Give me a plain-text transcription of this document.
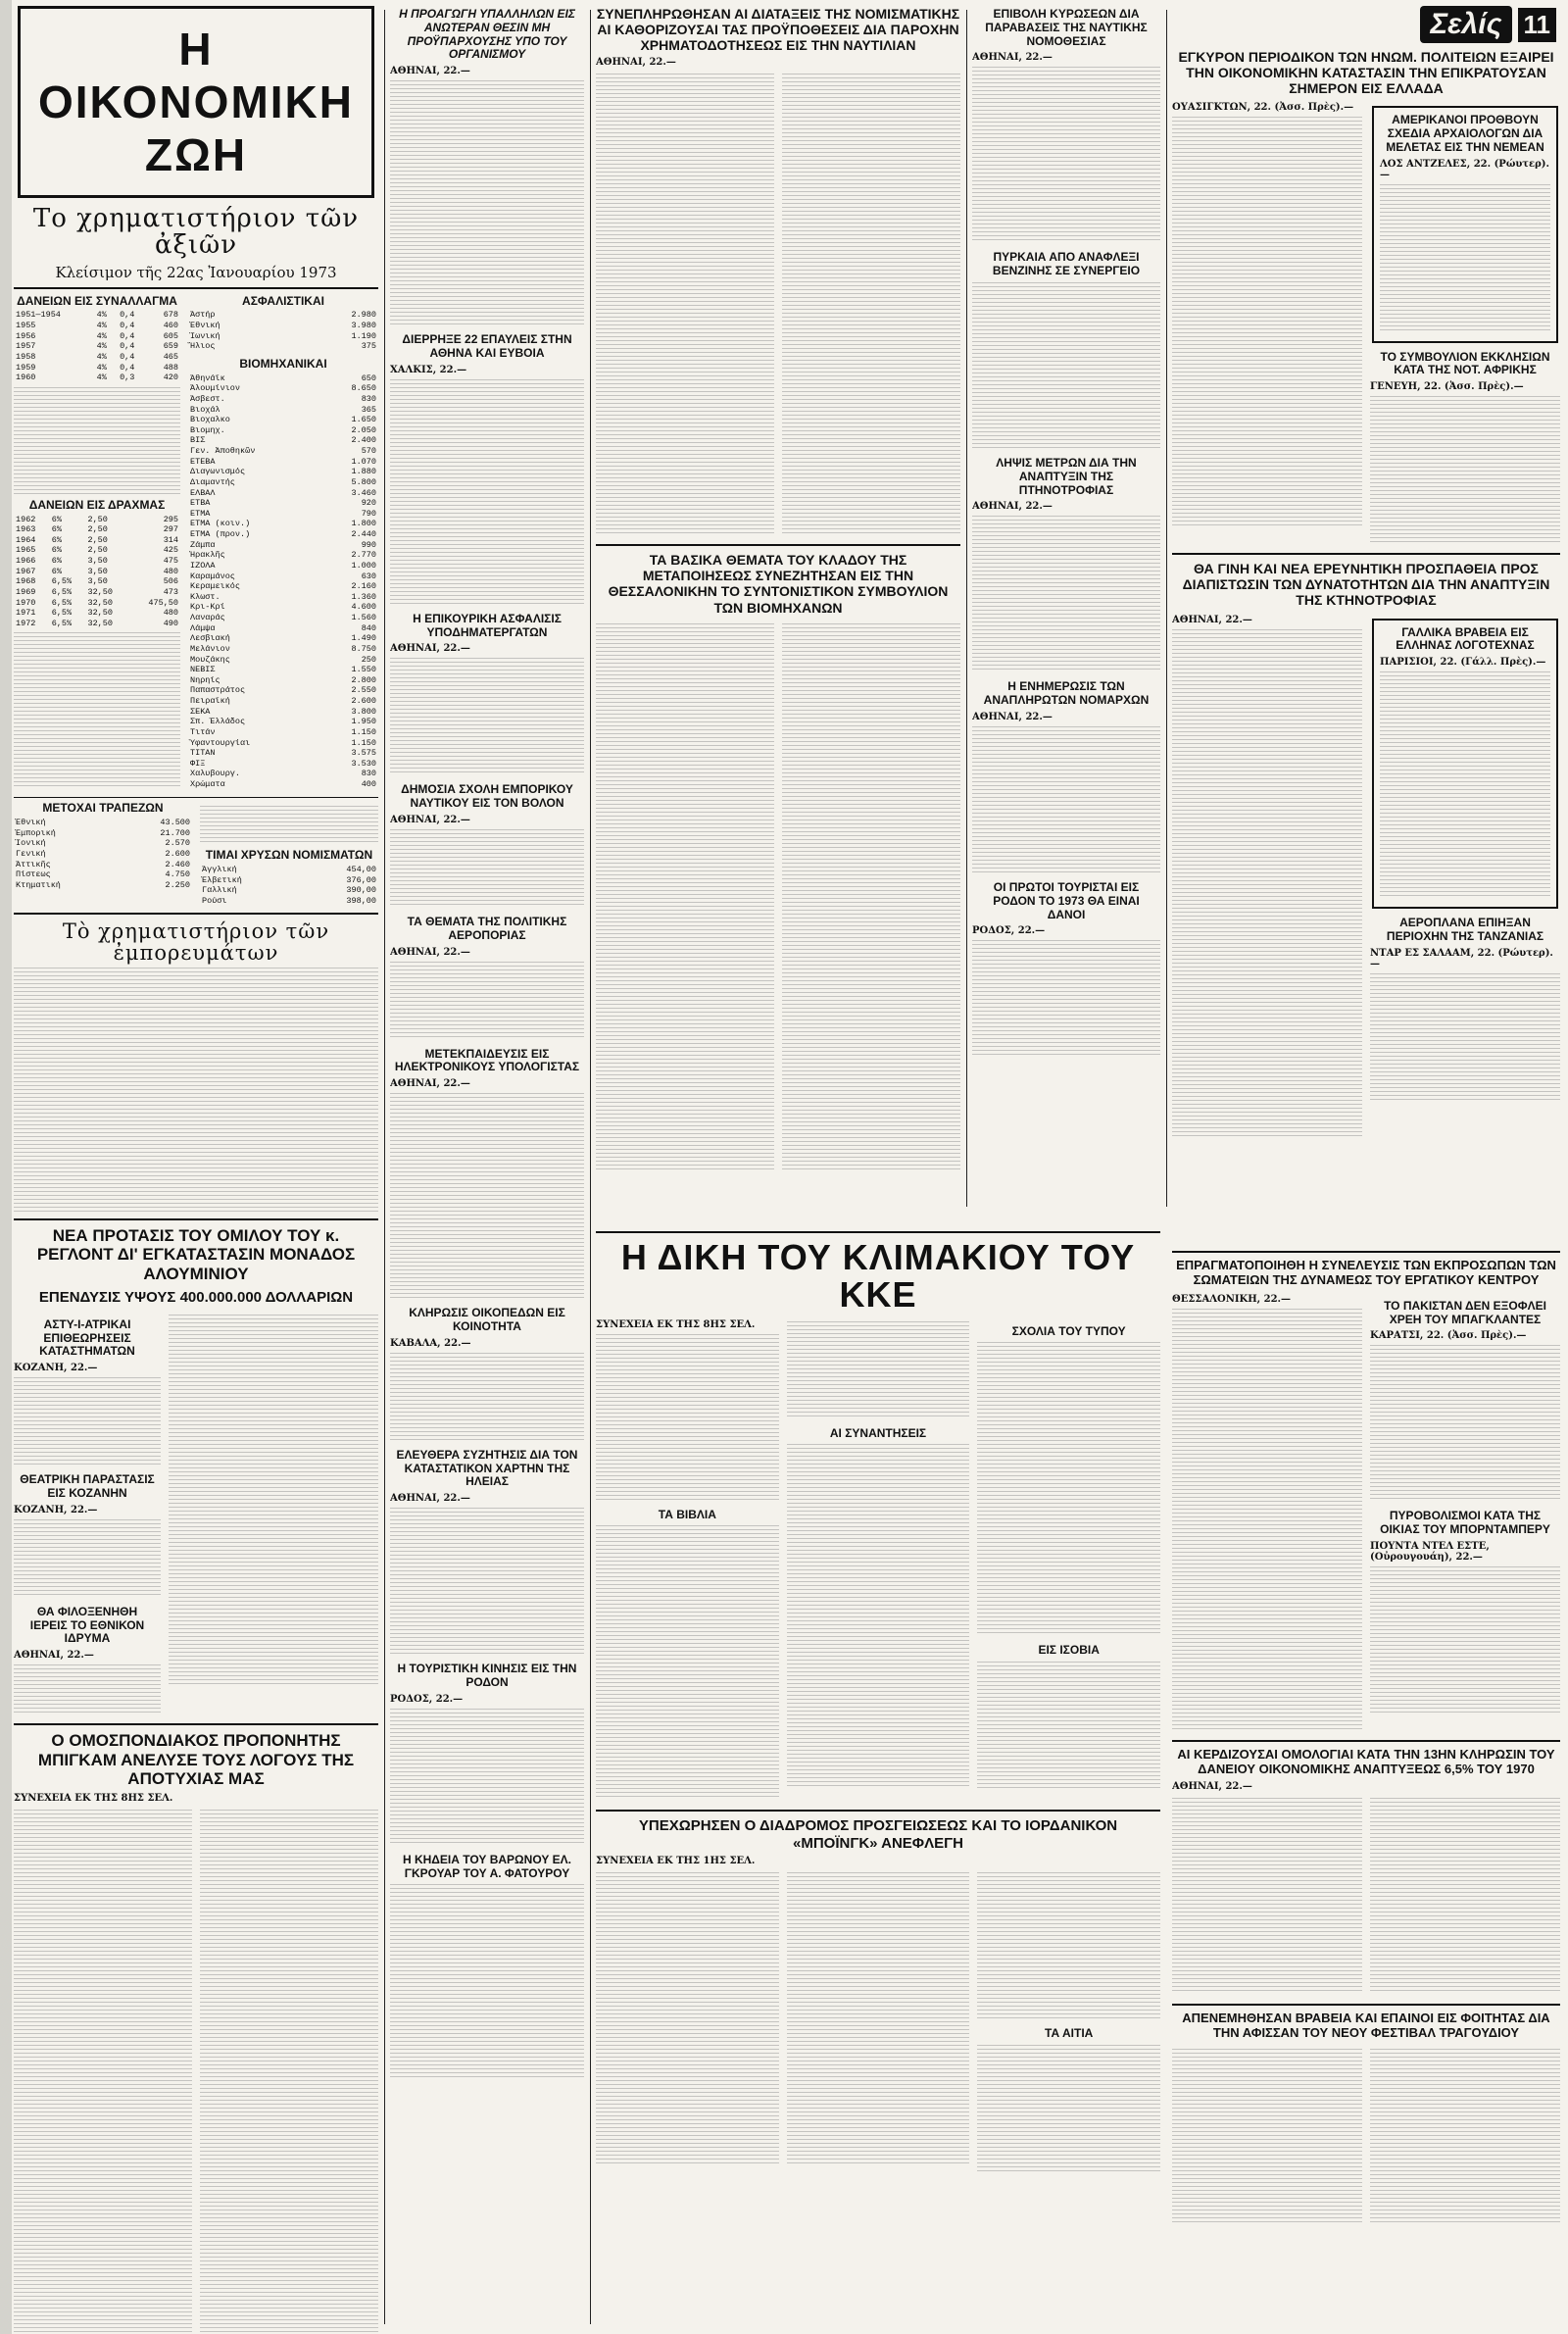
Η ΟΙΚΟΝΟΜΙΚΗ ΖΩΗ
Το χρηματιστήριον τῶν ἀξιῶν
Κλείσιμον τῆς 22ας Ἰανουαρίου 1973
ΔΑΝΕΙΩΝ ΕΙΣ ΣΥΝΑΛΛΑΓΜΑ
1951—1954	4%	0,4	678
1955	4%	0,4	460
1956	4%	0,4	605
1957	4%	0,4	659
1958	4%	0,4	465
1959	4%	0,4	488
1960	4%	0,3	420
ΔΑΝΕΙΩΝ ΕΙΣ ΔΡΑΧΜΑΣ
1962	6%	2,50	295
1963	6%	2,50	297
1964	6%	2,50	314
1965	6%	2,50	425
1966	6%	3,50	475
1967	6%	3,50	480
1968	6,5%	3,50	506
1969	6,5%	32,50	473
1970	6,5%	32,50	475,50
1971	6,5%	32,50	480
1972	6,5%	32,50	490
ΑΣΦΑΛΙΣΤΙΚΑΙ
Ἀστήρ	2.980
Ἐθνική	3.980
Ἰωνική	1.190
Ἥλιος	375
ΒΙΟΜΗΧΑΝΙΚΑΙ
Ἀθηνάϊκ	650
Ἀλουμίνιον	8.650
Ἀσβεστ.	830
Βιοχάλ	365
Βιοχαλκο	1.650
Βιομηχ.	2.050
ΒΙΣ	2.400
Γεν. Ἀποθηκῶν	570
ΕΤΕΒΑ	1.070
Διαγωνισμός	1.880
Διαμαντής	5.800
ΕΛΒΑΛ	3.460
ΕΤΒΑ	920
ΕΤΜΑ	790
ΕΤΜΑ (κοιν.)	1.800
ΕΤΜΑ (προν.)	2.440
Ζάμπα	990
Ἠρακλῆς	2.770
ΙΖΟΛΑ	1.000
Καραμάνος	630
Κεραμεικός	2.160
Κλωστ.	1.360
Κρι-Κρί	4.600
Λαναράς	1.560
Λάμψα	840
Λεσβιακή	1.490
Μελάνιον	8.750
Μουζάκης	250
ΝΕΒΙΣ	1.550
Νηρηίς	2.800
Παπαστράτος	2.550
Πειραϊκή	2.600
ΣΕΚΑ	3.800
Σπ. Ἐλλάδος	1.950
Τιτάν	1.150
Ὑφαντουργίαι	1.150
ΤΙΤΑΝ	3.575
ΦΙΞ	3.530
Χαλυβουργ.	830
Χρώματα	400
ΜΕΤΟΧΑΙ ΤΡΑΠΕΖΩΝ
Ἐθνική	43.500
Ἐμπορική	21.700
Ἰονική	2.570
Γενική	2.600
Ἀττικῆς	2.460
Πίστεως	4.750
Κτηματική	2.250
ΤΙΜΑΙ ΧΡΥΣΩΝ ΝΟΜΙΣΜΑΤΩΝ
Ἀγγλική	454,00
Ἐλβετική	376,00
Γαλλική	390,00
Ρούσι	398,00
Τὸ χρηματιστήριον τῶν ἐμπορευμάτων
ΝΕΑ ΠΡΟΤΑΣΙΣ ΤΟΥ ΟΜΙΛΟΥ ΤΟΥ κ. ΡΕΓΛΟΝΤ ΔΙ' ΕΓΚΑΤΑΣΤΑΣΙΝ ΜΟΝΑΔΟΣ ΑΛΟΥΜΙΝΙΟΥ
ΕΠΕΝΔΥΣΙΣ ΥΨΟΥΣ 400.000.000 ΔΟΛΛΑΡΙΩΝ
ΑΣΤΥ-Ι-ΑΤΡΙΚΑΙ ΕΠΙΘΕΩΡΗΣΕΙΣ ΚΑΤΑΣΤΗΜΑΤΩΝ
ΚΟΖΑΝΗ, 22.—
ΘΕΑΤΡΙΚΗ ΠΑΡΑΣΤΑΣΙΣ ΕΙΣ ΚΟΖΑΝΗΝ
ΚΟΖΑΝΗ, 22.—
ΘΑ ΦΙΛΟΞΕΝΗΘΗ ΙΕΡΕΙΣ ΤΟ ΕΘΝΙΚΟΝ ΙΔΡΥΜΑ
ΑΘΗΝΑΙ, 22.—
Ο ΟΜΟΣΠΟΝΔΙΑΚΟΣ ΠΡΟΠΟΝΗΤΗΣ ΜΠΙΓΚΑΜ ΑΝΕΛΥΣΕ ΤΟΥΣ ΛΟΓΟΥΣ ΤΗΣ ΑΠΟΤΥΧΙΑΣ ΜΑΣ
ΣΥΝΕΧΕΙΑ ΕΚ ΤΗΣ 8ΗΣ ΣΕΛ.
Η ΠΡΟΑΓΩΓΗ ΥΠΑΛΛΗΛΩΝ ΕΙΣ ΑΝΩΤΕΡΑΝ ΘΕΣΙΝ ΜΗ ΠΡΟΫΠΑΡΧΟΥΣΗΣ ΥΠΟ ΤΟΥ ΟΡΓΑΝΙΣΜΟΥ
ΑΘΗΝΑΙ, 22.—
ΔΙΕΡΡΗΞΕ 22 ΕΠΑΥΛΕΙΣ ΣΤΗΝ ΑΘΗΝΑ ΚΑΙ ΕΥΒΟΙΑ
ΧΑΛΚΙΣ, 22.—
Η ΕΠΙΚΟΥΡΙΚΗ ΑΣΦΑΛΙΣΙΣ ΥΠΟΔΗΜΑΤΕΡΓΑΤΩΝ
ΑΘΗΝΑΙ, 22.—
ΔΗΜΟΣΙΑ ΣΧΟΛΗ ΕΜΠΟΡΙΚΟΥ ΝΑΥΤΙΚΟΥ ΕΙΣ ΤΟΝ ΒΟΛΟΝ
ΑΘΗΝΑΙ, 22.—
ΤΑ ΘΕΜΑΤΑ ΤΗΣ ΠΟΛΙΤΙΚΗΣ ΑΕΡΟΠΟΡΙΑΣ
ΑΘΗΝΑΙ, 22.—
ΜΕΤΕΚΠΑΙΔΕΥΣΙΣ ΕΙΣ ΗΛΕΚΤΡΟΝΙΚΟΥΣ ΥΠΟΛΟΓΙΣΤΑΣ
ΑΘΗΝΑΙ, 22.—
ΚΛΗΡΩΣΙΣ ΟΙΚΟΠΕΔΩΝ ΕΙΣ ΚΟΙΝΟΤΗΤΑ
ΚΑΒΑΛΑ, 22.—
ΕΛΕΥΘΕΡΑ ΣΥΖΗΤΗΣΙΣ ΔΙΑ ΤΟΝ ΚΑΤΑΣΤΑΤΙΚΟΝ ΧΑΡΤΗΝ ΤΗΣ ΗΛΕΙΑΣ
ΑΘΗΝΑΙ, 22.—
Η ΤΟΥΡΙΣΤΙΚΗ ΚΙΝΗΣΙΣ ΕΙΣ ΤΗΝ ΡΟΔΟΝ
ΡΟΔΟΣ, 22.—
Η ΚΗΔΕΙΑ ΤΟΥ ΒΑΡΩΝΟΥ ΕΛ. ΓΚΡΟΥΑΡ ΤΟΥ Α. ΦΑΤΟΥΡΟΥ
ΣΥΝΕΠΛΗΡΩΘΗΣΑΝ ΑΙ ΔΙΑΤΑΞΕΙΣ ΤΗΣ ΝΟΜΙΣΜΑΤΙΚΗΣ ΑΙ ΚΑΘΟΡΙΖΟΥΣΑΙ ΤΑΣ ΠΡΟΫΠΟΘΕΣΕΙΣ ΔΙΑ ΠΑΡΟΧΗΝ ΧΡΗΜΑΤΟΔΟΤΗΣΕΩΣ ΕΙΣ ΤΗΝ ΝΑΥΤΙΛΙΑΝ
ΑΘΗΝΑΙ, 22.—
ΤΑ ΒΑΣΙΚΑ ΘΕΜΑΤΑ ΤΟΥ ΚΛΑΔΟΥ ΤΗΣ ΜΕΤΑΠΟΙΗΣΕΩΣ ΣΥΝΕΖΗΤΗΣΑΝ ΕΙΣ ΤΗΝ ΘΕΣΣΑΛΟΝΙΚΗΝ ΤΟ ΣΥΝΤΟΝΙΣΤΙΚΟΝ ΣΥΜΒΟΥΛΙΟΝ ΤΩΝ ΒΙΟΜΗΧΑΝΩΝ
ΕΠΙΒΟΛΗ ΚΥΡΩΣΕΩΝ ΔΙΑ ΠΑΡΑΒΑΣΕΙΣ ΤΗΣ ΝΑΥΤΙΚΗΣ ΝΟΜΟΘΕΣΙΑΣ
ΑΘΗΝΑΙ, 22.—
ΠΥΡΚΑΙΑ ΑΠΟ ΑΝΑΦΛΕΞΙ ΒΕΝΖΙΝΗΣ ΣΕ ΣΥΝΕΡΓΕΙΟ
ΛΗΨΙΣ ΜΕΤΡΩΝ ΔΙΑ ΤΗΝ ΑΝΑΠΤΥΞΙΝ ΤΗΣ ΠΤΗΝΟΤΡΟΦΙΑΣ
ΑΘΗΝΑΙ, 22.—
Η ΕΝΗΜΕΡΩΣΙΣ ΤΩΝ ΑΝΑΠΛΗΡΩΤΩΝ ΝΟΜΑΡΧΩΝ
ΑΘΗΝΑΙ, 22.—
ΟΙ ΠΡΩΤΟΙ ΤΟΥΡΙΣΤΑΙ ΕΙΣ ΡΟΔΟΝ ΤΟ 1973 ΘΑ ΕΙΝΑΙ ΔΑΝΟΙ
ΡΟΔΟΣ, 22.—
Η ΔΙΚΗ ΤΟΥ ΚΛΙΜΑΚΙΟΥ ΤΟΥ ΚΚΕ
ΣΥΝΕΧΕΙΑ ΕΚ ΤΗΣ 8ΗΣ ΣΕΛ.
ΤΑ ΒΙΒΛΙΑ
ΑΙ ΣΥΝΑΝΤΗΣΕΙΣ
ΣΧΟΛΙΑ ΤΟΥ ΤΥΠΟΥ
ΕΙΣ ΙΣΟΒΙΑ
ΥΠΕΧΩΡΗΣΕΝ Ο ΔΙΑΔΡΟΜΟΣ ΠΡΟΣΓΕΙΩΣΕΩΣ ΚΑΙ ΤΟ ΙΟΡΔΑΝΙΚΟΝ «ΜΠΟΪΝΓΚ» ΑΝΕΦΛΕΓΗ
ΣΥΝΕΧΕΙΑ ΕΚ ΤΗΣ 1ΗΣ ΣΕΛ.
ΤΑ ΑΙΤΙΑ
Σελίς 11
ΕΓΚΥΡΟΝ ΠΕΡΙΟΔΙΚΟΝ ΤΩΝ ΗΝΩΜ. ΠΟΛΙΤΕΙΩΝ ΕΞΑΙΡΕΙ ΤΗΝ ΟΙΚΟΝΟΜΙΚΗΝ ΚΑΤΑΣΤΑΣΙΝ ΤΗΝ ΕΠΙΚΡΑΤΟΥΣΑΝ ΣΗΜΕΡΟΝ ΕΙΣ ΕΛΛΑΔΑ
ΟΥΑΣΙΓΚΤΩΝ, 22. (Ἀσσ. Πρὲς).—
ΑΜΕΡΙΚΑΝΟΙ ΠΡΟΘΒΟΥΝ ΣΧΕΔΙΑ ΑΡΧΑΙΟΛΟΓΩΝ ΔΙΑ ΜΕΛΕΤΑΣ ΕΙΣ ΤΗΝ ΝΕΜΕΑΝ
ΛΟΣ ΑΝΤΖΕΛΕΣ, 22. (Ρώυτερ).—
ΤΟ ΣΥΜΒΟΥΛΙΟΝ ΕΚΚΛΗΣΙΩΝ ΚΑΤΑ ΤΗΣ ΝΟΤ. ΑΦΡΙΚΗΣ
ΓΕΝΕΥΗ, 22. (Ἀσσ. Πρὲς).—
ΘΑ ΓΙΝΗ ΚΑΙ ΝΕΑ ΕΡΕΥΝΗΤΙΚΗ ΠΡΟΣΠΑΘΕΙΑ ΠΡΟΣ ΔΙΑΠΙΣΤΩΣΙΝ ΤΩΝ ΔΥΝΑΤΟΤΗΤΩΝ ΔΙΑ ΤΗΝ ΑΝΑΠΤΥΞΙΝ ΤΗΣ ΚΤΗΝΟΤΡΟΦΙΑΣ
ΑΘΗΝΑΙ, 22.—
ΓΑΛΛΙΚΑ ΒΡΑΒΕΙΑ ΕΙΣ ΕΛΛΗΝΑΣ ΛΟΓΟΤΕΧΝΑΣ
ΠΑΡΙΣΙΟΙ, 22. (Γάλλ. Πρὲς).—
ΑΕΡΟΠΛΑΝΑ ΕΠΙΗΞΑΝ ΠΕΡΙΟΧΗΝ ΤΗΣ ΤΑΝΖΑΝΙΑΣ
ΝΤΑΡ ΕΣ ΣΑΛΑΑΜ, 22. (Ρώυτερ).—
ΕΠΡΑΓΜΑΤΟΠΟΙΗΘΗ Η ΣΥΝΕΛΕΥΣΙΣ ΤΩΝ ΕΚΠΡΟΣΩΠΩΝ ΤΩΝ ΣΩΜΑΤΕΙΩΝ ΤΗΣ ΔΥΝΑΜΕΩΣ ΤΟΥ ΕΡΓΑΤΙΚΟΥ ΚΕΝΤΡΟΥ
ΘΕΣΣΑΛΟΝΙΚΗ, 22.—	ΤΟ ΠΑΚΙΣΤΑΝ ΔΕΝ ΕΞΟΦΛΕΙ ΧΡΕΗ ΤΟΥ ΜΠΑΓΚΛΑΝΤΕΣ
ΚΑΡΑΤΣΙ, 22. (Ἀσσ. Πρὲς).—
ΠΥΡΟΒΟΛΙΣΜΟΙ ΚΑΤΑ ΤΗΣ ΟΙΚΙΑΣ ΤΟΥ ΜΠΟΡΝΤΑΜΠΕΡΥ
ΠΟΥΝΤΑ ΝΤΕΛ ΕΣΤΕ, (Οὐρουγουάη), 22.—
ΑΙ ΚΕΡΔΙΖΟΥΣΑΙ ΟΜΟΛΟΓΙΑΙ ΚΑΤΑ ΤΗΝ 13ΗΝ ΚΛΗΡΩΣΙΝ ΤΟΥ ΔΑΝΕΙΟΥ ΟΙΚΟΝΟΜΙΚΗΣ ΑΝΑΠΤΥΞΕΩΣ 6,5% ΤΟΥ 1970
ΑΘΗΝΑΙ, 22.—
ΑΠΕΝΕΜΗΘΗΣΑΝ ΒΡΑΒΕΙΑ ΚΑΙ ΕΠΑΙΝΟΙ ΕΙΣ ΦΟΙΤΗΤΑΣ ΔΙΑ ΤΗΝ ΑΦΙΣΣΑΝ ΤΟΥ ΝΕΟΥ ΦΕΣΤΙΒΑΛ ΤΡΑΓΟΥΔΙΟΥ
